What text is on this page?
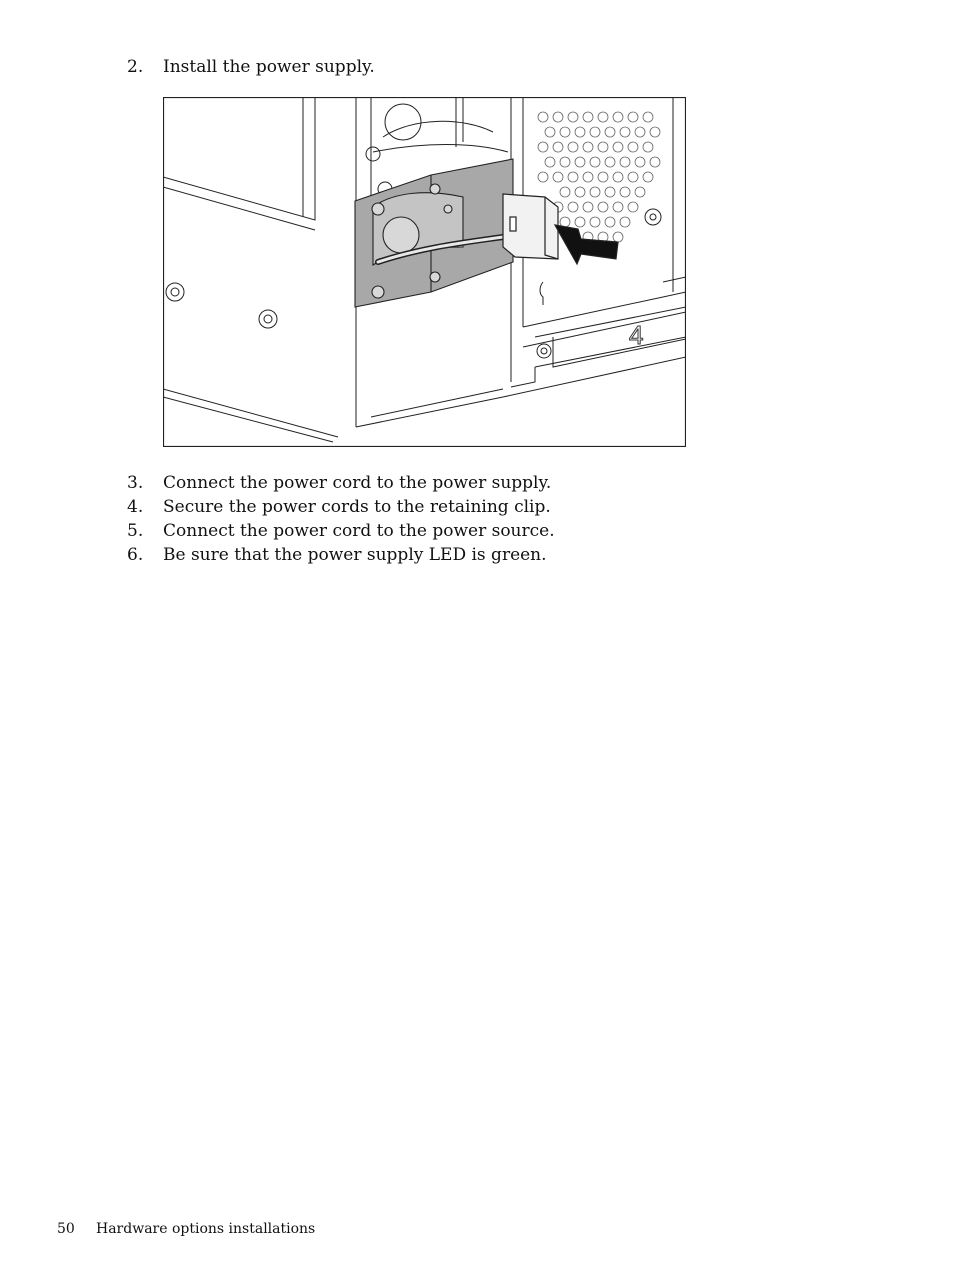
2. Install the power supply.
4
3. Connect the power cord to the power supply.
4. Secure the power cords to the retaining clip.
5. Connect the power cord to the power source.
6. Be sure that the power supply LED is green.
50 Hardware options installations
